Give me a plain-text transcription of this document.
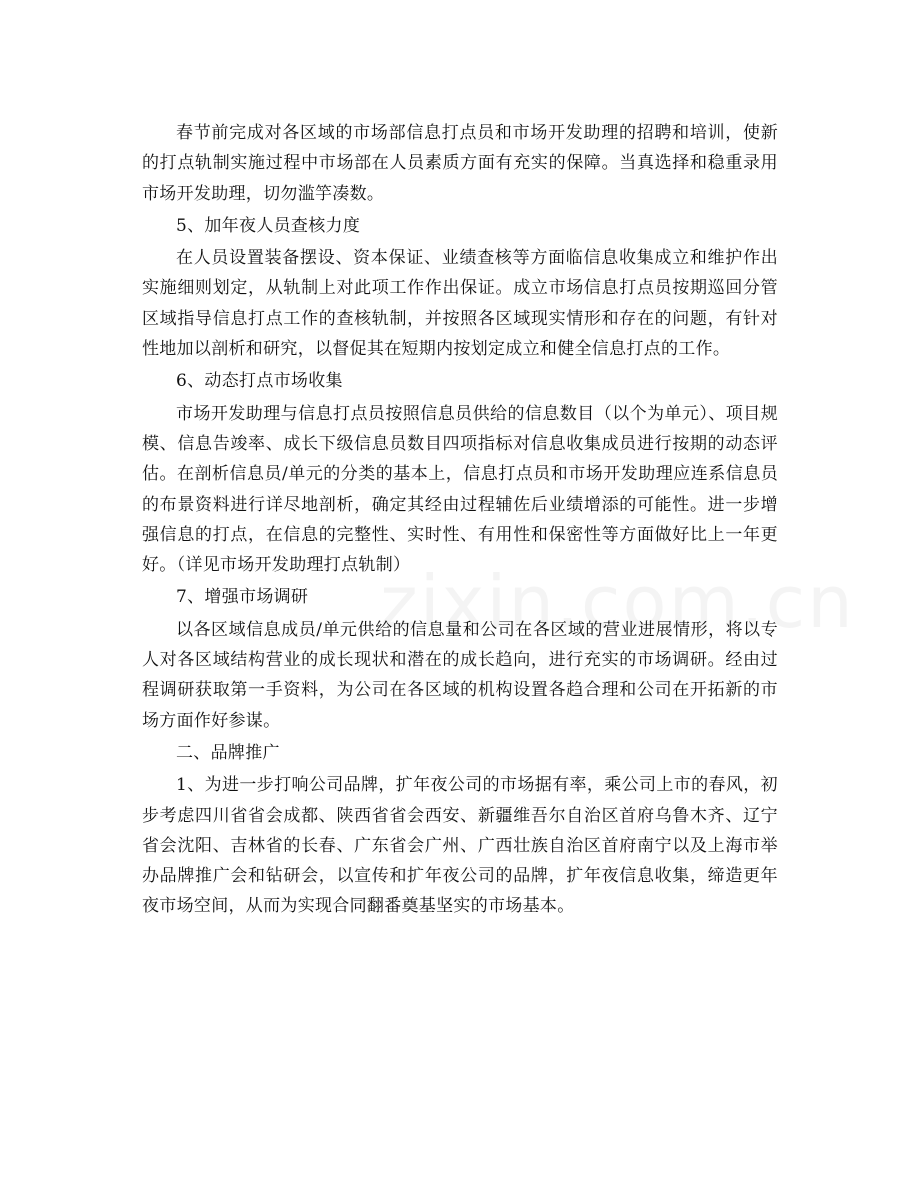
春节前完成对各区域的市场部信息打点员和市场开发助理的招聘和培训，使新的打点轨制实施过程中市场部在人员素质方面有充实的保障。当真选择和稳重录用市场开发助理，切勿滥竽凑数。

5、加年夜人员查核力度

在人员设置装备摆设、资本保证、业绩查核等方面临信息收集成立和维护作出实施细则划定，从轨制上对此项工作作出保证。成立市场信息打点员按期巡回分管区域指导信息打点工作的查核轨制，并按照各区域现实情形和存在的问题，有针对性地加以剖析和研究，以督促其在短期内按划定成立和健全信息打点的工作。

6、动态打点市场收集

市场开发助理与信息打点员按照信息员供给的信息数目（以个为单元）、项目规模、信息告竣率、成长下级信息员数目四项指标对信息收集成员进行按期的动态评估。在剖析信息员/单元的分类的基本上，信息打点员和市场开发助理应连系信息员的布景资料进行详尽地剖析，确定其经由过程辅佐后业绩增添的可能性。进一步增强信息的打点，在信息的完整性、实时性、有用性和保密性等方面做好比上一年更好。（详见市场开发助理打点轨制）

7、增强市场调研

以各区域信息成员/单元供给的信息量和公司在各区域的营业进展情形，将以专人对各区域结构营业的成长现状和潜在的成长趋向，进行充实的市场调研。经由过程调研获取第一手资料，为公司在各区域的机构设置各趋合理和公司在开拓新的市场方面作好参谋。

二、品牌推广

1、为进一步打响公司品牌，扩年夜公司的市场据有率，乘公司上市的春风，初步考虑四川省省会成都、陕西省省会西安、新疆维吾尔自治区首府乌鲁木齐、辽宁省会沈阳、吉林省的长春、广东省会广州、广西壮族自治区首府南宁以及上海市举办品牌推广会和钻研会，以宣传和扩年夜公司的品牌，扩年夜信息收集，缔造更年夜市场空间，从而为实现合同翻番奠基坚实的市场基本。
